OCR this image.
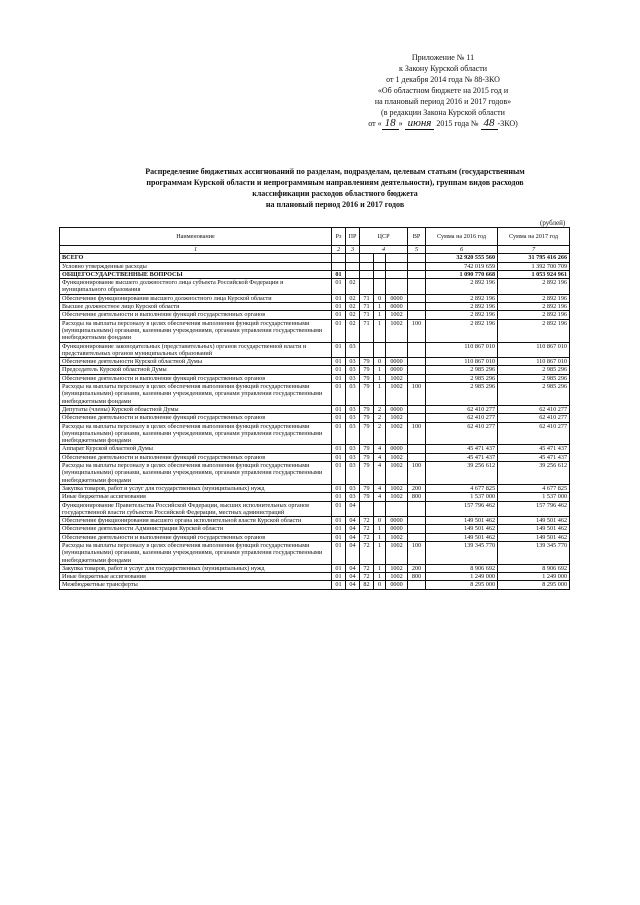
Приложение № 11
к Закону Курской области
от 1 декабря 2014 года № 88-ЗКО
«Об областном бюджете на 2015 год и
на плановый период 2016 и 2017 годов»
(в редакции Закона Курской области
от « 18 » июня 2015 года № 48 -ЗКО)
Распределение бюджетных ассигнований по разделам, подразделам, целевым статьям (государственным
программам Курской области и непрограммным направлениям деятельности), группам видов расходов
классификации расходов областного бюджета
на плановый период 2016 и 2017 годов
(рублей)
Наименование	Рз	ПР	ЦСР			ВР	Сумма на 2016 год	Сумма на 2017 год
1	2	3	4			5	6	7
ВСЕГО							32 920 555 560	31 795 416 266
Условно утвержденные расходы							742 019 659	1 392 700 709
ОБЩЕГОСУДАРСТВЕННЫЕ ВОПРОСЫ	01						1 090 770 668	1 053 924 961
Функционирование высшего должностного лица субъекта Российской Федерации и муниципального образования	01	02					2 892 196	2 892 196
Обеспечение функционирования высшего должностного лица Курской области	01	02	71	0	0000		2 892 196	2 892 196
Высшее должностное лицо Курской области	01	02	71	1	0000		2 892 196	2 892 196
Обеспечение деятельности и выполнение функций государственных органов	01	02	71	1	1002		2 892 196	2 892 196
Расходы на выплаты персоналу в целях обеспечения выполнения функций государственными (муниципальными) органами, казенными учреждениями, органами управления государственными внебюджетными фондами	01	02	71	1	1002	100	2 892 196	2 892 196
Функционирование законодательных (представительных) органов государственной власти и представительных органов муниципальных образований	01	03					110 867 010	110 867 010
Обеспечение деятельности Курской областной Думы	01	03	79	0	0000		110 867 010	110 867 010
Председатель Курской областной Думы	01	03	79	1	0000		2 985 296	2 985 296
Обеспечение деятельности и выполнение функций государственных органов	01	03	79	1	1002		2 985 296	2 985 296
Расходы на выплаты персоналу в целях обеспечения выполнения функций государственными (муниципальными) органами, казенными учреждениями, органами управления государственными внебюджетными фондами	01	03	79	1	1002	100	2 985 296	2 985 296
Депутаты (члены) Курской областной Думы	01	03	79	2	0000		62 410 277	62 410 277
Обеспечение деятельности и выполнение функций государственных органов	01	03	79	2	1002		62 410 277	62 410 277
Расходы на выплаты персоналу в целях обеспечения выполнения функций государственными (муниципальными) органами, казенными учреждениями, органами управления государственными внебюджетными фондами	01	03	79	2	1002	100	62 410 277	62 410 277
Аппарат Курской областной Думы	01	03	79	4	0000		45 471 437	45 471 437
Обеспечение деятельности и выполнение функций государственных органов	01	03	79	4	1002		45 471 437	45 471 437
Расходы на выплаты персоналу в целях обеспечения выполнения функций государственными (муниципальными) органами, казенными учреждениями, органами управления государственными внебюджетными фондами	01	03	79	4	1002	100	39 256 612	39 256 612
Закупка товаров, работ и услуг для государственных (муниципальных) нужд	01	03	79	4	1002	200	4 677 825	4 677 825
Иные бюджетные ассигнования	01	03	79	4	1002	800	1 537 000	1 537 000
Функционирование Правительства Российской Федерации, высших исполнительных органов государственной власти субъектов Российской Федерации, местных администраций	01	04					157 796 462	157 796 462
Обеспечение функционирования высшего органа исполнительной власти Курской области	01	04	72	0	0000		149 501 462	149 501 462
Обеспечение деятельности Администрации Курской области	01	04	72	1	0000		149 501 462	149 501 462
Обеспечение деятельности и выполнение функций государственных органов	01	04	72	1	1002		149 501 462	149 501 462
Расходы на выплаты персоналу в целях обеспечения выполнения функций государственными (муниципальными) органами, казенными учреждениями, органами управления государственными внебюджетными фондами	01	04	72	1	1002	100	139 345 770	139 345 770
Закупка товаров, работ и услуг для государственных (муниципальных) нужд	01	04	72	1	1002	200	8 906 692	8 906 692
Иные бюджетные ассигнования	01	04	72	1	1002	800	1 249 000	1 249 000
Межбюджетные трансферты	01	04	82	0	0000		8 295 000	8 295 000
